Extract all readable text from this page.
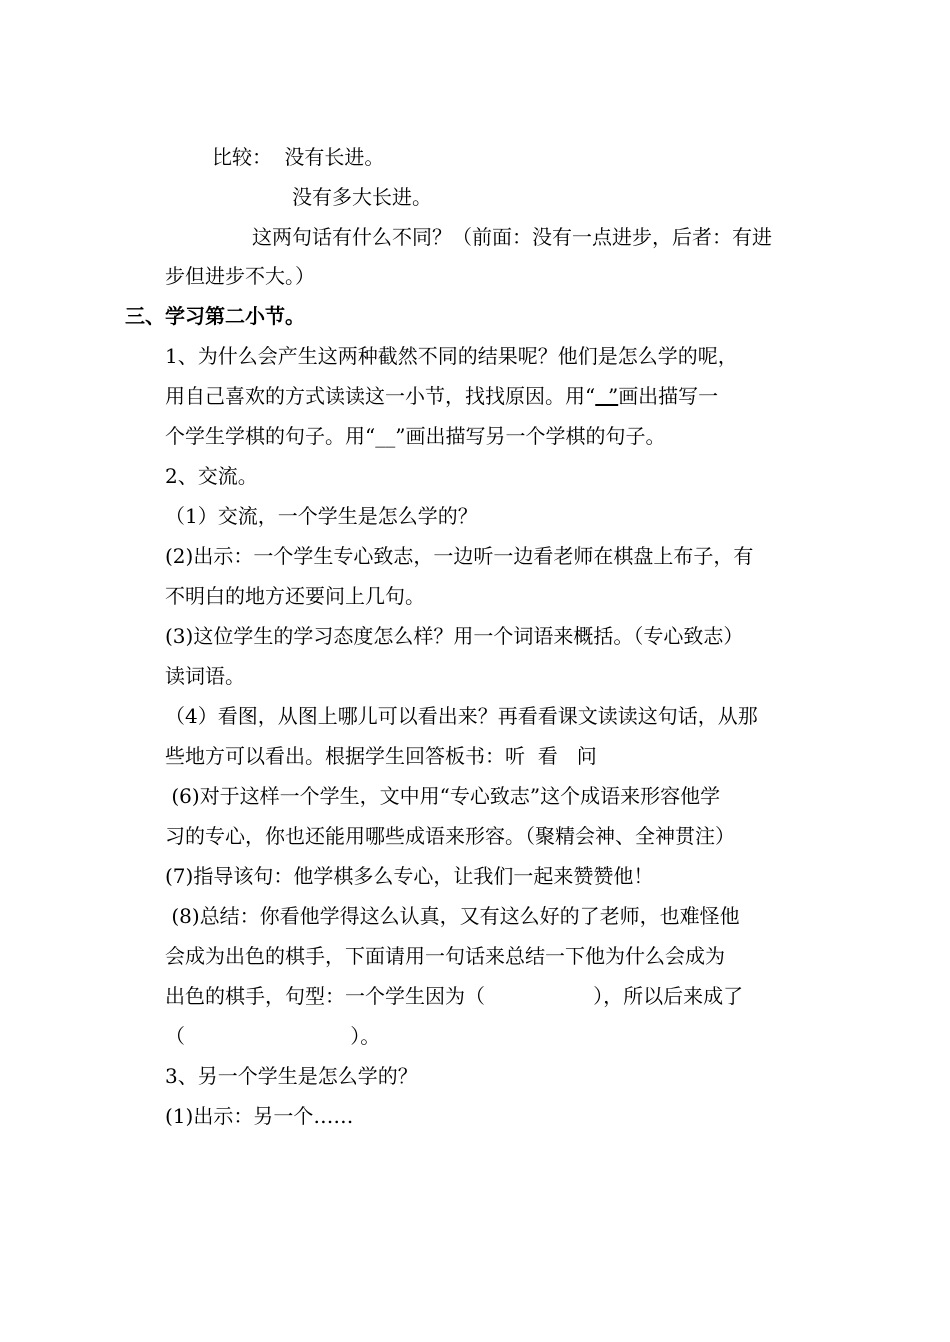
比较： 没有长进。
没有多大长进。
这两句话有什么不同？（前面：没有一点进步，后者：有进
步但进步不大。）
三、学习第二小节。
1、为什么会产生这两种截然不同的结果呢？他们是怎么学的呢，
用自己喜欢的方式读读这一小节，找找原因。用“  ”画出描写一
个学生学棋的句子。用“__”画出描写另一个学棋的句子。
2、交流。
（1）交流，一个学生是怎么学的？
(2)出示：一个学生专心致志，一边听一边看老师在棋盘上布子，有
不明白的地方还要问上几句。
(3)这位学生的学习态度怎么样？用一个词语来概括。（专心致志）
读词语。
（4）看图，从图上哪儿可以看出来？再看看课文读读这句话，从那
些地方可以看出。根据学生回答板书：听  看   问
(6)对于这样一个学生，文中用“专心致志”这个成语来形容他学
习的专心，你也还能用哪些成语来形容。（聚精会神、全神贯注）
(7)指导该句：他学棋多么专心，让我们一起来赞赞他！
(8)总结：你看他学得这么认真，又有这么好的了老师，也难怪他
会成为出色的棋手，下面请用一句话来总结一下他为什么会成为
出色的棋手，句型：一个学生因为（                 ），所以后来成了
（                          ）。
3、另一个学生是怎么学的？
(1)出示：另一个……
